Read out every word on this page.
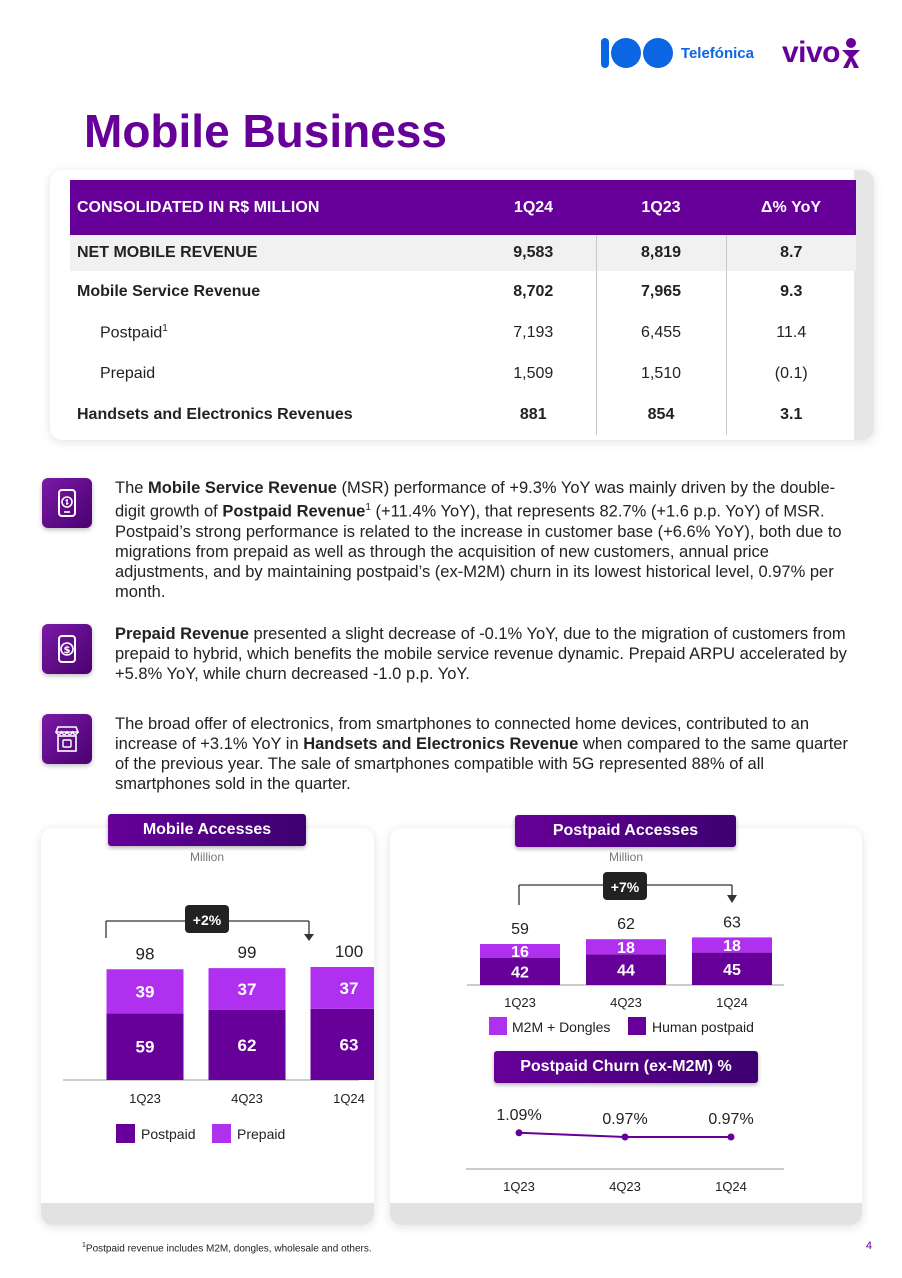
Telefónica vivo
Mobile Business
CONSOLIDATED IN R$ MILLION	1Q24	1Q23	Δ% YoY
NET MOBILE REVENUE	9,583	8,819	8.7
Mobile Service Revenue	8,702	7,965	9.3
Postpaid$^1$	7,193	6,455	11.4
Prepaid	1,509	1,510	(0.1)
Handsets and Electronics Revenues	881	854	3.1

The Mobile Service Revenue (MSR) performance of +9.3% YoY was mainly driven by the double-digit growth of Postpaid Revenue$^1$ (+11.4% YoY), that represents 82.7% (+1.6 p.p. YoY) of MSR. Postpaid’s strong performance is related to the increase in customer base (+6.6% YoY), both due to migrations from prepaid as well as through the acquisition of new customers, annual price adjustments, and by maintaining postpaid’s (ex-M2M) churn in its lowest historical level, 0.97% per month.

$

Prepaid Revenue presented a slight decrease of -0.1% YoY, due to the migration of customers from prepaid to hybrid, which benefits the mobile service revenue dynamic. Prepaid ARPU accelerated by +5.8% YoY, while churn decreased -1.0 p.p. YoY.

The broad offer of electronics, from smartphones to connected home devices, contributed to an increase of +3.1% YoY in Handsets and Electronics Revenue when compared to the same quarter of the previous year. The sale of smartphones compatible with 5G represented 88% of all smartphones sold in the quarter.

+2%
59
39
98
1Q23
62
37
99
4Q23
63
37
100
1Q24
Postpaid	Prepaid
Mobile Accesses
Million
+7%
42
16
59
1Q23
44
18
62
4Q23
45
18
63
1Q24
M2M + Dongles	Human postpaid
1.09%
1Q23
0.97%
4Q23
0.97%
1Q24
Postpaid Accesses
Million
Postpaid Churn (ex-M2M) %
$^1$Postpaid revenue includes M2M, dongles, wholesale and others.	4
